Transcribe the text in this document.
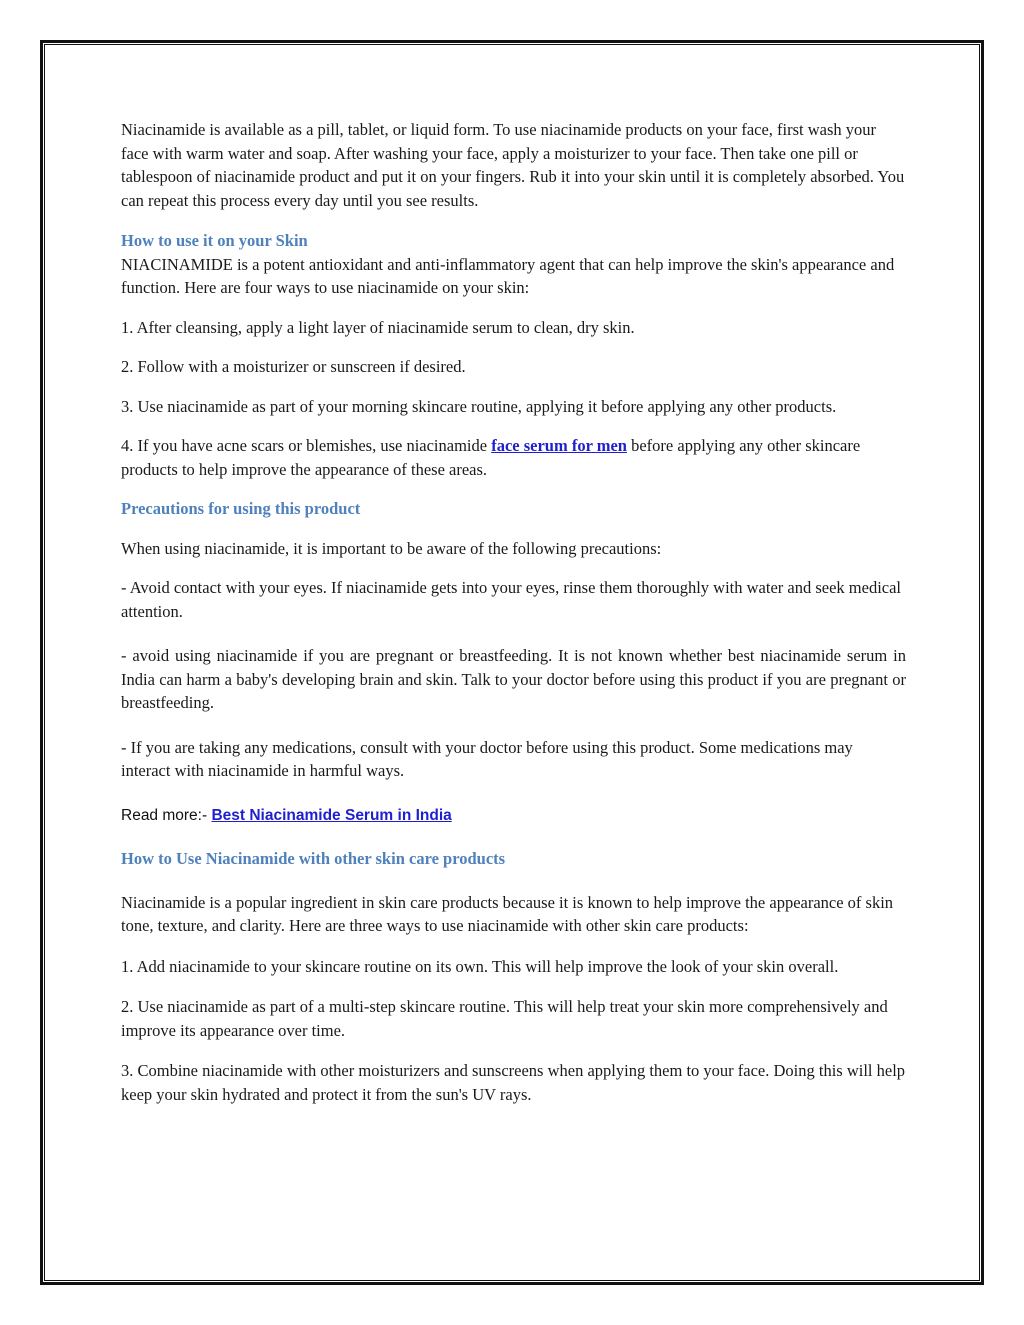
Niacinamide is available as a pill, tablet, or liquid form. To use niacinamide products on your face, first wash your face with warm water and soap. After washing your face, apply a moisturizer to your face. Then take one pill or tablespoon of niacinamide product and put it on your fingers. Rub it into your skin until it is completely absorbed. You can repeat this process every day until you see results.

How to use it on your Skin

NIACINAMIDE is a potent antioxidant and anti-inflammatory agent that can help improve the skin's appearance and function. Here are four ways to use niacinamide on your skin:

1. After cleansing, apply a light layer of niacinamide serum to clean, dry skin.

2. Follow with a moisturizer or sunscreen if desired.

3. Use niacinamide as part of your morning skincare routine, applying it before applying any other products.

4. If you have acne scars or blemishes, use niacinamide face serum for men before applying any other skincare products to help improve the appearance of these areas.

Precautions for using this product

When using niacinamide, it is important to be aware of the following precautions:

- Avoid contact with your eyes. If niacinamide gets into your eyes, rinse them thoroughly with water and seek medical attention.

- avoid using niacinamide if you are pregnant or breastfeeding. It is not known whether best niacinamide serum in India can harm a baby's developing brain and skin. Talk to your doctor before using this product if you are pregnant or breastfeeding.

- If you are taking any medications, consult with your doctor before using this product. Some medications may interact with niacinamide in harmful ways.

Read more:- Best Niacinamide Serum in India

How to Use Niacinamide with other skin care products

Niacinamide is a popular ingredient in skin care products because it is known to help improve the appearance of skin tone, texture, and clarity. Here are three ways to use niacinamide with other skin care products:

1. Add niacinamide to your skincare routine on its own. This will help improve the look of your skin overall.

2. Use niacinamide as part of a multi-step skincare routine. This will help treat your skin more comprehensively and improve its appearance over time.

3. Combine niacinamide with other moisturizers and sunscreens when applying them to your face. Doing this will help keep your skin hydrated and protect it from the sun's UV rays.
